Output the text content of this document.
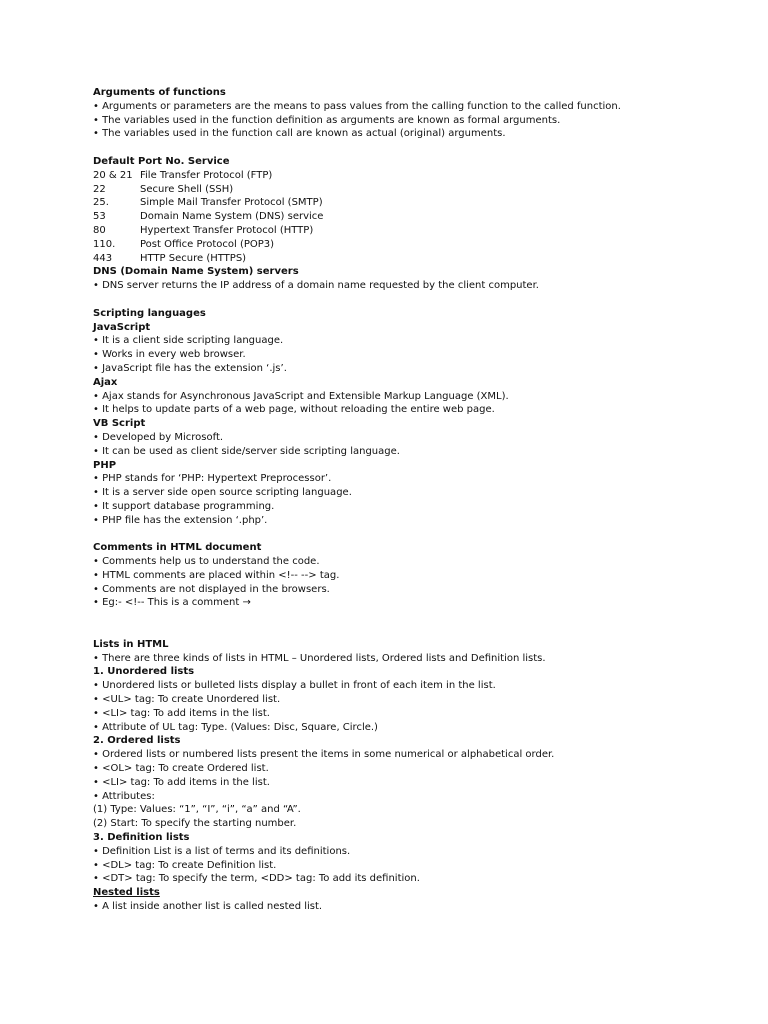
Arguments of functions
• Arguments or parameters are the means to pass values from the calling function to the called function.
• The variables used in the function definition as arguments are known as formal arguments.
• The variables used in the function call are known as actual (original) arguments.
Default Port No. Service
20 & 21 File Transfer Protocol (FTP)
22	Secure Shell (SSH)
25.	Simple Mail Transfer Protocol (SMTP)
53	Domain Name System (DNS) service
80	Hypertext Transfer Protocol (HTTP)
110.	Post Office Protocol (POP3)
443	HTTP Secure (HTTPS)
DNS (Domain Name System) servers
• DNS server returns the IP address of a domain name requested by the client computer.
Scripting languages
JavaScript
• It is a client side scripting language.
• Works in every web browser.
• JavaScript file has the extension ‘.js’.
Ajax
• Ajax stands for Asynchronous JavaScript and Extensible Markup Language (XML).
• It helps to update parts of a web page, without reloading the entire web page.
VB Script
• Developed by Microsoft.
• It can be used as client side/server side scripting language.
PHP
• PHP stands for ‘PHP: Hypertext Preprocessor’.
• It is a server side open source scripting language.
• It support database programming.
• PHP file has the extension ‘.php’.
Comments in HTML document
• Comments help us to understand the code.
• HTML comments are placed within <!-- --> tag.
• Comments are not displayed in the browsers.
• Eg:- <!-- This is a comment →
Lists in HTML
• There are three kinds of lists in HTML – Unordered lists, Ordered lists and Definition lists.
1. Unordered lists
• Unordered lists or bulleted lists display a bullet in front of each item in the list.
• <UL> tag: To create Unordered list.
• <LI> tag: To add items in the list.
• Attribute of UL tag: Type. (Values: Disc, Square, Circle.)
2. Ordered lists
• Ordered lists or numbered lists present the items in some numerical or alphabetical order.
• <OL> tag: To create Ordered list.
• <LI> tag: To add items in the list.
• Attributes:
(1) Type: Values: “1”, “I”, “i”, “a” and “A”.
(2) Start: To specify the starting number.
3. Definition lists
• Definition List is a list of terms and its definitions.
• <DL> tag: To create Definition list.
• <DT> tag: To specify the term, <DD> tag: To add its definition.
Nested lists
• A list inside another list is called nested list.
